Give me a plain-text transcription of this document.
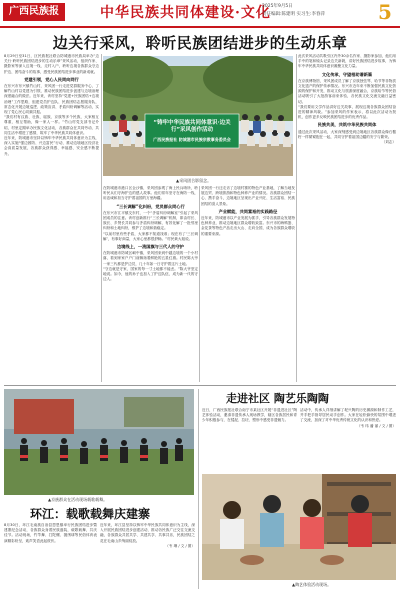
广西民族报	中华民族共同体建设·文化
2025年9月5日
责任编辑:陈建明 实习生:李春萍	5
边关行采风，聆听民族团结进步的生动乐章

8月29日至31日，区民族报社联合防城港市民族局举办“边关行·聆听民族团结进步的生动乐章”采风活动，组织作家、摄影家等深入边境一线，走村入户，聆听边境各族群众守边护边、团结奋斗的故事，感受民族团结进步事业的新成就。

党建引领，党心人民同向同行

在东兴市东兴镇竹山村，采风团一行走进党群服务中心，了解竹山村以党建为引领，推动民族团结进步创建与边境治理深度融合的做法。近年来，该村坚持“党建+民族团结+边境治理”工作思路，组建党员护边队、民族团结志愿服务队，常态化开展边境巡逻、政策宣讲、矛盾纠纷调解等活动，实现了党心民心同频共振。

“我们村有汉族、壮族、瑶族、京族等多个民族，大家相互尊重、相互帮助，像一家人一样。”竹山村党支部书记介绍，村里定期举办民族文化活动，各族群众在共同劳动、共同生活中增进了感情，筑牢了中华民族共同体意识。

近年来，防城港市坚持以铸牢中华民族共同体意识为主线，深入实施“强边固防、兴边富民”行动，推动边境地区经济社会高质量发展，各族群众获得感、幸福感、安全感不断提升。

“铸牢中华民族共同体意识·边关行”采风创作活动
广西民族报社 防城港市民族宗教事务委员会
▲采风团合影留念。

在防城港市港口区企沙镇，采风团参观了海上民兵哨所，聆听民兵们守海护边的感人故事。他们常年坚守在海防一线，用忠诚和担当守护着祖国的万里海疆。

“三长调解”化纠纷，党员群众同心行

在东兴市江平镇交东村，一个“矛盾纠纷调解室”引起了采风团成员的注意。该村创新推行“三长调解”机制，即由村长、族长、乡贤长共同参与矛盾纠纷调解，有效化解了一批邻里纠纷和土地纠纷，维护了边境和谐稳定。

“以前村里有些矛盾，大家都不知道找谁；现在有了‘三长调解’，有事好商量，大家心里都很舒畅。”村民黄大姐说。

边境线上，一流国旗与三代人的守护

在防城港市防城区峒中镇，采风团来到中越边境的一个小村落，看到家家户户门前飘扬着鲜艳的五星红旗。村民陈大爷一家三代都是护边员，几十年如一日守护着这片土地。

“守边就是守家，国家的每一寸土地都不能丢。”陈大爷坚定地说。如今，他的孙子也加入了护边队伍，成为新一代的守边人。

采风团一行还走访了边境村寨的特色产业基地，了解当地发展边贸、跨境旅游和特色种养产业的情况。各族群众团结一心、携手奋斗，边境地区呈现出产业兴旺、生活富裕、民族团结的喜人景象。

产业赋能，共同富裕的实践路径

近年来，防城港市以产业发展为抓手，引导各族群众发展特色种养业，推动边境地区群众增收致富。东兴市的海鸭蛋、金花茶等特色产品走出大山、走向全国，成为各族群众增收的重要来源。

此次采风活动共吸引区内外30余名作家、摄影家参加，他们用手中的笔和镜头记录边关新貌，讲好民族团结进步故事，为铸牢中华民族共同体意识凝聚文化力量。

文化传承，守望相助谱新篇

在京族博物馆，采风团成员了解了京族独弦琴、哈节等非物质文化遗产的保护传承情况。东兴市近年来不断加强民族文化资源的保护和开发，推动文化与旅游深度融合，京族哈节等民俗活动吸引了大批游客前来体验，各民族文化交流交融日益密切。

“我们要用文学作品讲好边关故事，展现边境各族群众团结奋进的精神风貌。”参加采风的作家表示，将以此次活动为契机，创作更多反映民族团结进步的优秀作品。

民族共美，共筑中华民族共同体

通过此次采风活动，大家深刻感受到边境地区各族群众像石榴籽一样紧紧抱在一起，共同守护着祖国边疆的安宁与繁荣。

（刘志）

▲京族群众在活动现场载歌载舞。
环江：载歌载舞庆建寨

8月30日，环江毛南族自治县思恩镇举行民族团结进步暨建寨纪念活动，各族群众身着民族盛装，载歌载舞，共庆佳节。活动现场，竹竿舞、打陀螺、抛绣球等民俗体育表演精彩纷呈，欢声笑语此起彼伏。

近年来，环江县坚持以铸牢中华民族共同体意识为主线，深入开展民族团结进步创建活动，推动各民族广泛交往交流交融，各族群众共居共学、共建共享、共事共乐，民族团结之花在毛南山乡绚丽绽放。

（韦 琳 / 文 / 图）

走进社区 陶艺乐陶陶

近日，广西民族报社联合南宁市某社区开展“非遗进社区”陶艺体验活动，邀请非遗传承人现场教学，辖区各族居民和青少年积极参与，在揉泥、拉坯、塑形中感受非遗魅力。

活动中，传承人详细讲解了坭兴陶的历史渊源和制作工艺，并手把手指导居民动手创作。大家在轻松愉快的氛围中增进了交流，加深了对中华优秀传统文化的认识和热爱。

（韦 玮 潘 丽 / 文 / 图）

▲陶艺体验活动现场。
